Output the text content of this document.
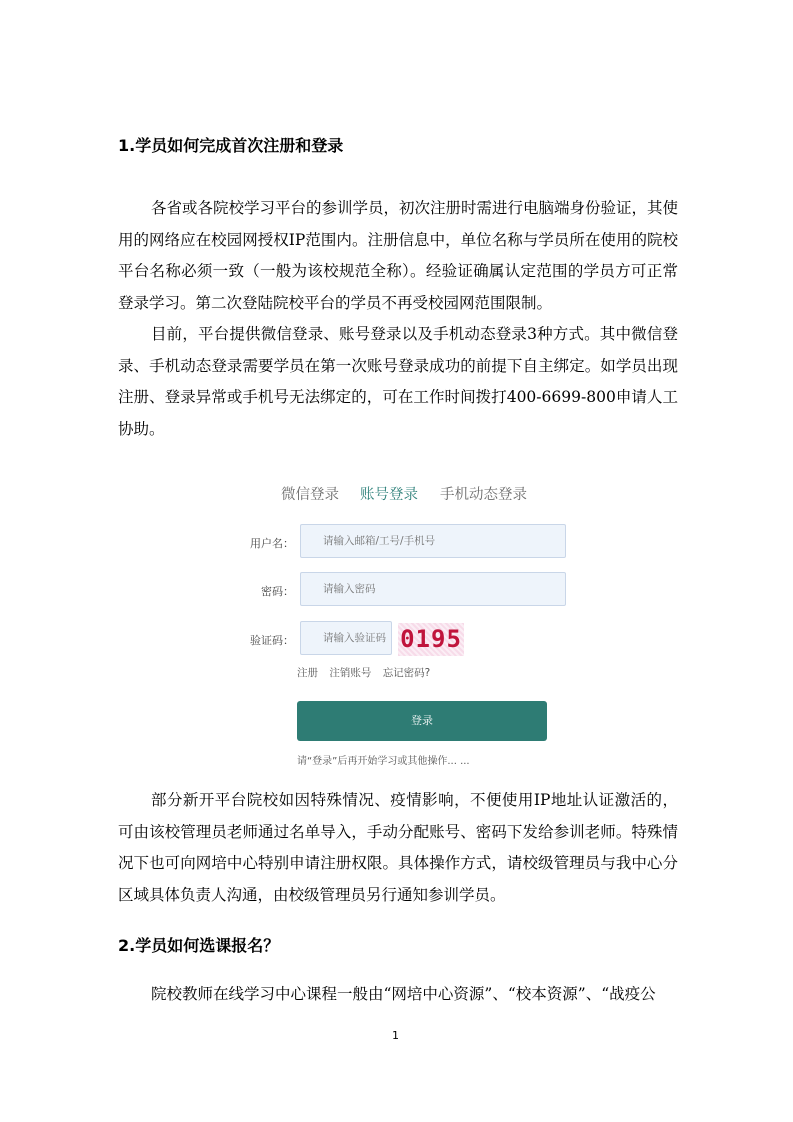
1.学员如何完成首次注册和登录

各省或各院校学习平台的参训学员，初次注册时需进行电脑端身份验证，其使用的网络应在校园网授权IP范围内。注册信息中，单位名称与学员所在使用的院校平台名称必须一致（一般为该校规范全称）。经验证确属认定范围的学员方可正常登录学习。第二次登陆院校平台的学员不再受校园网范围限制。

目前，平台提供微信登录、账号登录以及手机动态登录3种方式。其中微信登录、手机动态登录需要学员在第一次账号登录成功的前提下自主绑定。如学员出现注册、登录异常或手机号无法绑定的，可在工作时间拨打400-6699-800申请人工协助。

微信登录 账号登录 手机动态登录
用户名：
请输入邮箱/工号/手机号
密码：
请输入密码
验证码：
请输入验证码	0195
注册 注销账号 忘记密码?
登录
请“登录”后再开始学习或其他操作... ...

部分新开平台院校如因特殊情况、疫情影响，不便使用IP地址认证激活的，可由该校管理员老师通过名单导入，手动分配账号、密码下发给参训老师。特殊情况下也可向网培中心特别申请注册权限。具体操作方式，请校级管理员与我中心分区域具体负责人沟通，由校级管理员另行通知参训学员。

2.学员如何选课报名？

院校教师在线学习中心课程一般由“网培中心资源”、“校本资源”、“战疫公

1
